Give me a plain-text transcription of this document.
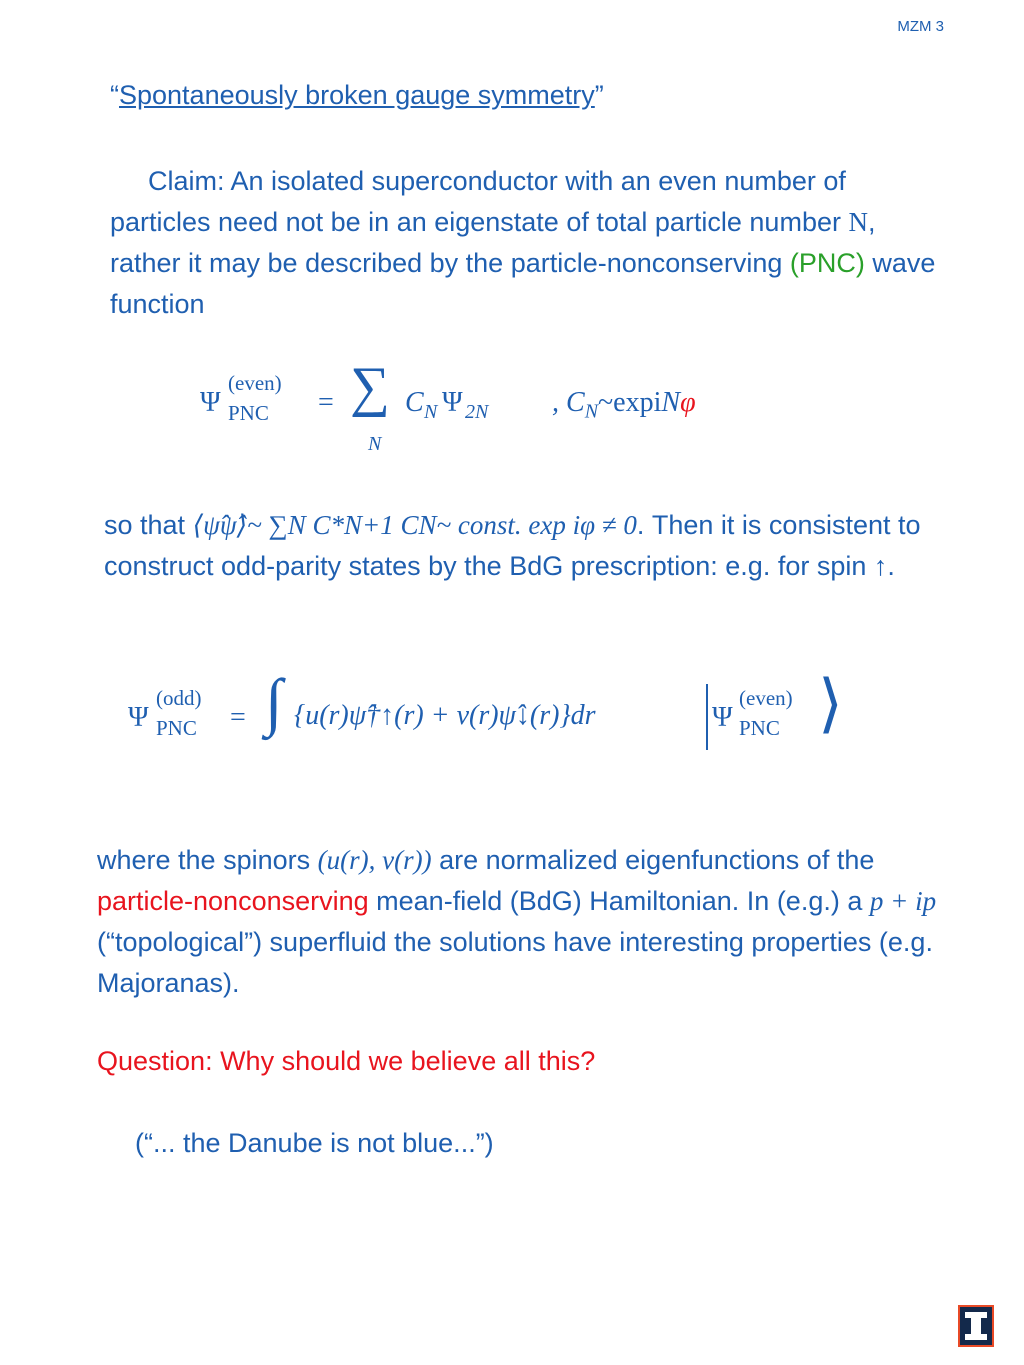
MZM 3
“Spontaneously broken gauge symmetry”
Claim: An isolated superconductor with an even number of particles need not be in an eigenstate of total particle number N, rather it may be described by the particle-nonconserving (PNC) wave function
Ψ
(even)
PNC = ∑
N
C N Ψ 2N , $C_N\sim expiN\varphi$
so that ⟨ψ̂ψ̂⟩~ ∑N C*N+1 CN~ const. exp iφ ≠ 0. Then it is consistent to construct odd-parity states by the BdG prescription: e.g. for spin ↑.
Ψ
(odd)
PNC = ∫ {u(r)ψ̂†↑(r) + v(r)ψ̂↓(r)}dr	Ψ
(even)
PNC ⟩
where the spinors (u(r), v(r)) are normalized eigenfunctions of the particle-nonconserving mean-field (BdG) Hamiltonian. In (e.g.) a p + ip (“topological”) superfluid the solutions have interesting properties (e.g. Majoranas).
Question: Why should we believe all this?
(“... the Danube is not blue...”)
